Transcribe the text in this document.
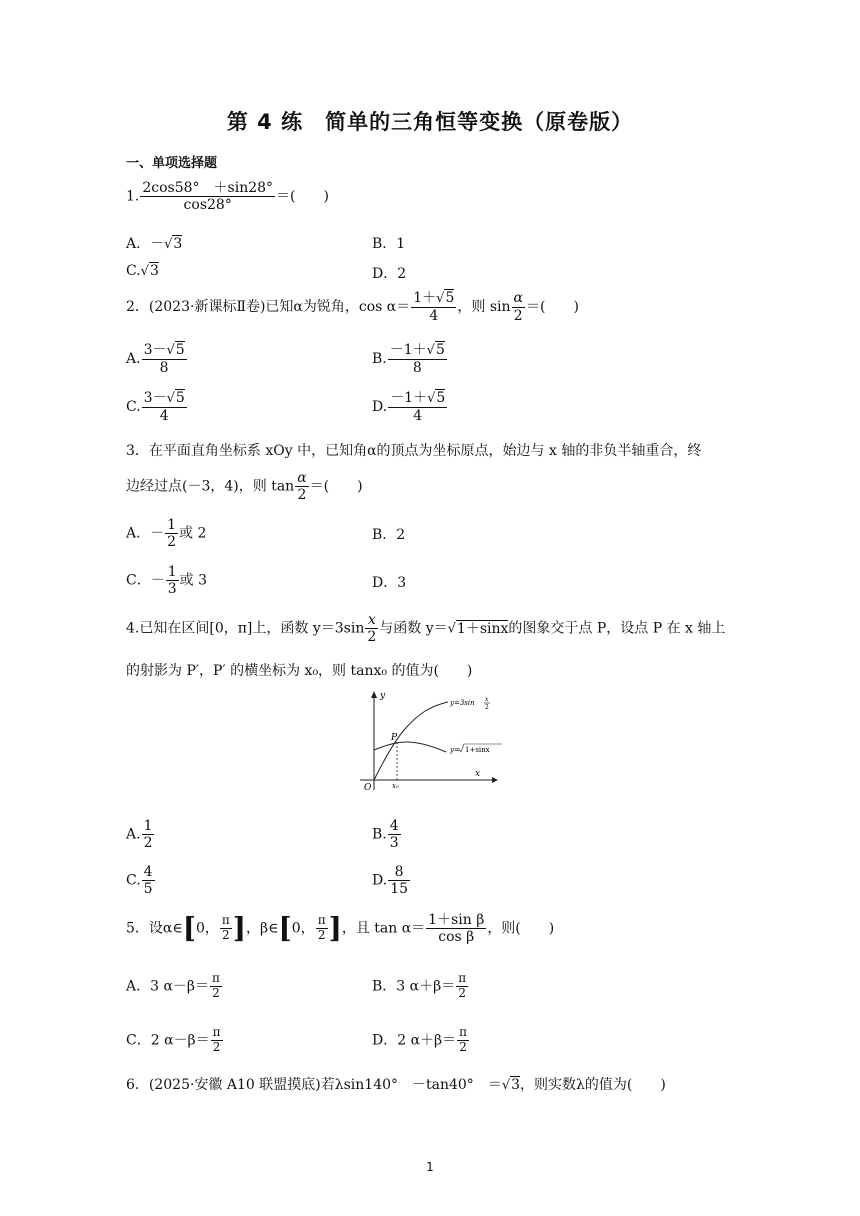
第 4 练　简单的三角恒等变换（原卷版）
一、单项选择题
1. $\frac{2\cos 58^\circ +\sin 28^\circ}{\cos 28^\circ}$ ＝(　　)
A．－√3	B．1
C.√3	D．2
2．(2023·新课标Ⅱ卷)已知α为锐角，$\cos \alpha= \frac{1+√5}{4}$ ，则 $\sin \frac{\alpha}{2}$ ＝(　　)
A. $\frac{3-√5}{8}$	B. $\frac{-1+√5}{8}$
C. $\frac{3-√5}{4}$	D. $\frac{-1+√5}{4}$
3．在平面直角坐标系 xOy 中，已知角α的顶点为坐标原点，始边与 x 轴的非负半轴重合，终
边经过点(－3，4)，则 $\tan \frac{\alpha}{2}$ ＝(　　)
A．－ $\frac{1}{2}$ 或 2	B．2
C．－ $\frac{1}{3}$ 或 3	D．3
4.已知在区间[0，π]上，函数 $y=3\sin \frac{x}{2}$ 与函数 y＝√1＋sinx的图象交于点 P，设点 P 在 x 轴上
的射影为 P′，P′ 的横坐标为 x₀，则 tanx₀ 的值为(　　)
y
x
O
P
x₀
y=3sin x
2
y= 1+sinx
A. $\frac{1}{2}$	B. $\frac{4}{3}$
C. $\frac{4}{5}$	D. $\frac{8}{15}$
5．设α∈[0， $\frac{\pi}{2}$ ]，β∈[0， $\frac{\pi}{2}$ ]，且 $\tan \alpha= \frac{\text{1＋sin β}}{\text{cos β}}$ ，则(　　)
A．3 $\alpha-\beta= \frac{\pi}{2}$	B．3 $\alpha+\beta= \frac{\pi}{2}$
C．2 $\alpha-\beta= \frac{\pi}{2}$	D．2 $\alpha+\beta= \frac{\pi}{2}$
6．(2025·安徽 A10 联盟摸底)若λsin140°　－tan40°　＝√3，则实数λ的值为(　　)
1
